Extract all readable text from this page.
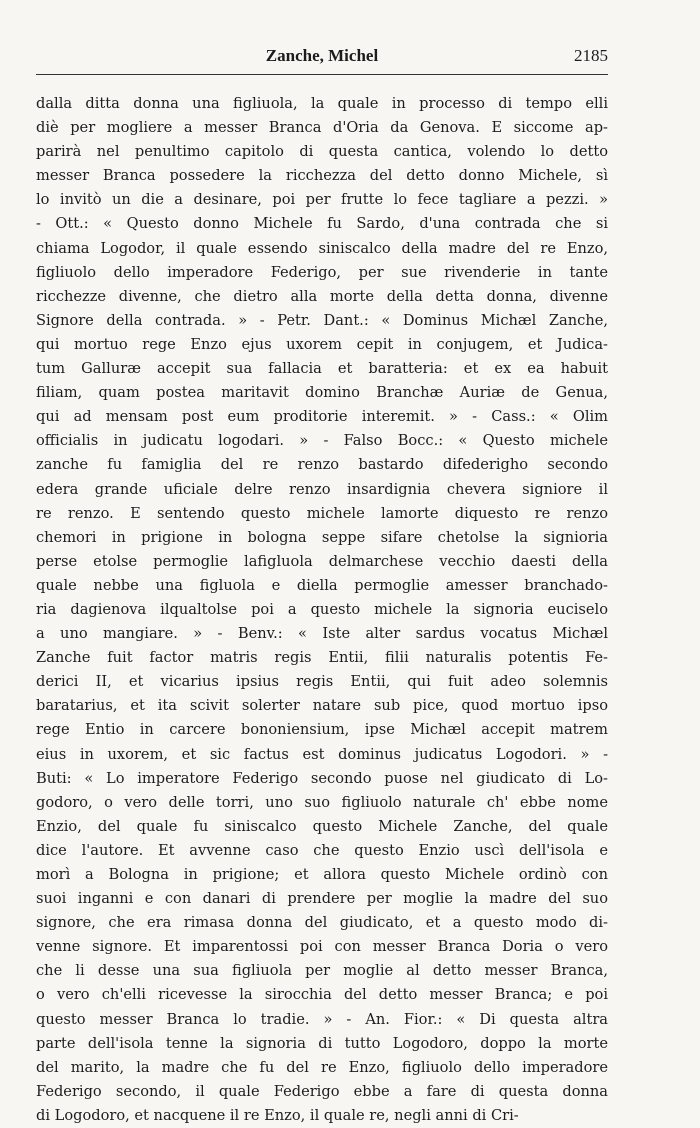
Zanche, Michel	2185
dalla ditta donna una figliuola, la quale in processo di tempo elli
diè per mogliere a messer Branca d'Oria da Genova. E siccome ap-
parirà nel penultimo capitolo di questa cantica, volendo lo detto
messer Branca possedere la ricchezza del detto donno Michele, sì
lo invitò un die a desinare, poi per frutte lo fece tagliare a pezzi. »
- Ott.: « Questo donno Michele fu Sardo, d'una contrada che si
chiama Logodor, il quale essendo siniscalco della madre del re Enzo,
figliuolo dello imperadore Federigo, per sue rivenderie in tante
ricchezze divenne, che dietro alla morte della detta donna, divenne
Signore della contrada. » - Petr. Dant.: « Dominus Michæl Zanche,
qui mortuo rege Enzo ejus uxorem cepit in conjugem, et Judica-
tum Galluræ accepit sua fallacia et baratteria: et ex ea habuit
filiam, quam postea maritavit domino Branchæ Auriæ de Genua,
qui ad mensam post eum proditorie interemit. » - Cass.: « Olim
officialis in judicatu logodari. » - Falso Bocc.: « Questo michele
zanche fu famiglia del re renzo bastardo difederigho secondo
edera grande uficiale delre renzo insardignia chevera signiore il
re renzo. E sentendo questo michele lamorte diquesto re renzo
chemori in prigione in bologna seppe sifare chetolse la signioria
perse etolse permoglie lafigluola delmarchese vecchio daesti della
quale nebbe una figluola e diella permoglie amesser branchado-
ria dagienova ilqualtolse poi a questo michele la signoria euciselo
a uno mangiare. » - Benv.: « Iste alter sardus vocatus Michæl
Zanche fuit factor matris regis Entii, filii naturalis potentis Fe-
derici II, et vicarius ipsius regis Entii, qui fuit adeo solemnis
baratarius, et ita scivit solerter natare sub pice, quod mortuo ipso
rege Entio in carcere bononiensium, ipse Michæl accepit matrem
eius in uxorem, et sic factus est dominus judicatus Logodori. » -
Buti: « Lo imperatore Federigo secondo puose nel giudicato di Lo-
godoro, o vero delle torri, uno suo figliuolo naturale ch' ebbe nome
Enzio, del quale fu siniscalco questo Michele Zanche, del quale
dice l'autore. Et avvenne caso che questo Enzio uscì dell'isola e
morì a Bologna in prigione; et allora questo Michele ordinò con
suoi inganni e con danari di prendere per moglie la madre del suo
signore, che era rimasa donna del giudicato, et a questo modo di-
venne signore. Et imparentossi poi con messer Branca Doria o vero
che li desse una sua figliuola per moglie al detto messer Branca,
o vero ch'elli ricevesse la sirocchia del detto messer Branca; e poi
questo messer Branca lo tradie. » - An. Fior.: « Di questa altra
parte dell'isola tenne la signoria di tutto Logodoro, doppo la morte
del marito, la madre che fu del re Enzo, figliuolo dello imperadore
Federigo secondo, il quale Federigo ebbe a fare di questa donna
di Logodoro, et nacquene il re Enzo, il quale re, negli anni di Cri-
